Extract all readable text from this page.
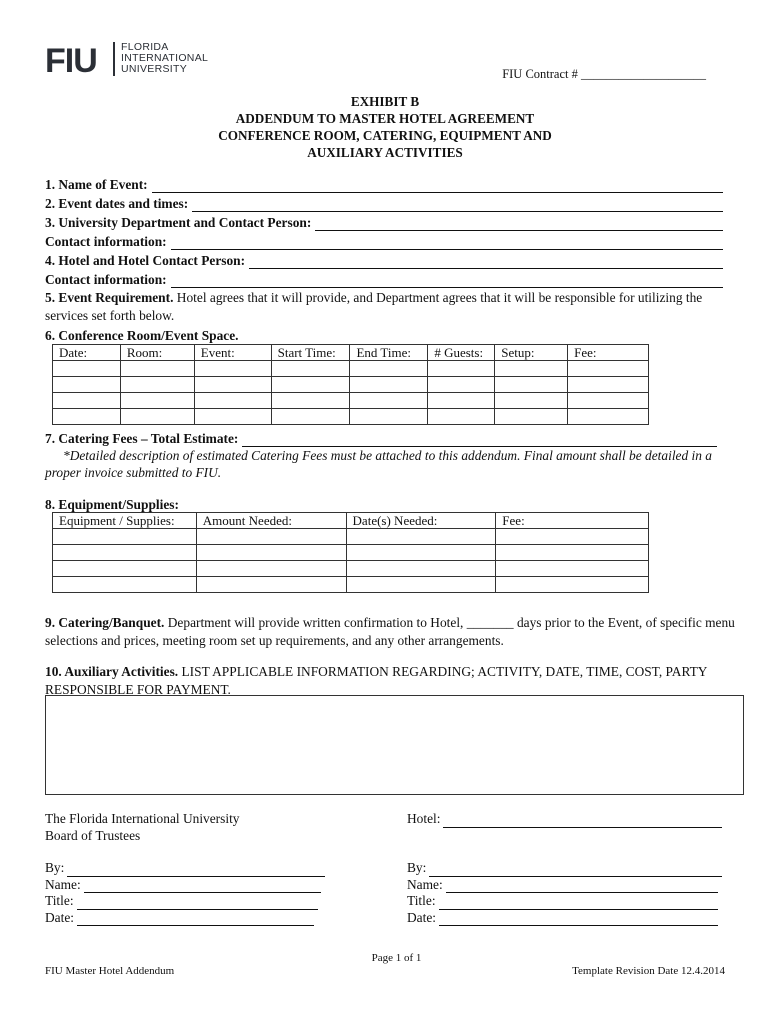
FIU FLORIDA
INTERNATIONAL
UNIVERSITY	FIU Contract # ____________________
EXHIBIT B
ADDENDUM TO MASTER HOTEL AGREEMENT
CONFERENCE ROOM, CATERING, EQUIPMENT AND
AUXILIARY ACTIVITIES
1. Name of Event:
2. Event dates and times:
3. University Department and Contact Person:
Contact information:
4. Hotel and Hotel Contact Person:
Contact information:
5. Event Requirement. Hotel agrees that it will provide, and Department agrees that it will be responsible for utilizing the services set forth below.
6. Conference Room/Event Space.
Date:	Room:	Event:	Start Time:	End Time:	# Guests:	Setup:	Fee:

7. Catering Fees – Total Estimate:
*Detailed description of estimated Catering Fees must be attached to this addendum. Final amount shall be detailed in a proper invoice submitted to FIU.
8. Equipment/Supplies:
Equipment / Supplies:	Amount Needed:	Date(s) Needed:	Fee:

9. Catering/Banquet. Department will provide written confirmation to Hotel, _______ days prior to the Event, of specific menu selections and prices, meeting room set up requirements, and any other arrangements.
10. Auxiliary Activities. LIST APPLICABLE INFORMATION REGARDING; ACTIVITY, DATE, TIME, COST, PARTY RESPONSIBLE FOR PAYMENT.
The Florida International University
Board of Trustees
By:
Name:
Title:
Date:
Hotel:
By:
Name:
Title:
Date:
Page 1 of 1
FIU Master Hotel Addendum	Template Revision Date 12.4.2014
